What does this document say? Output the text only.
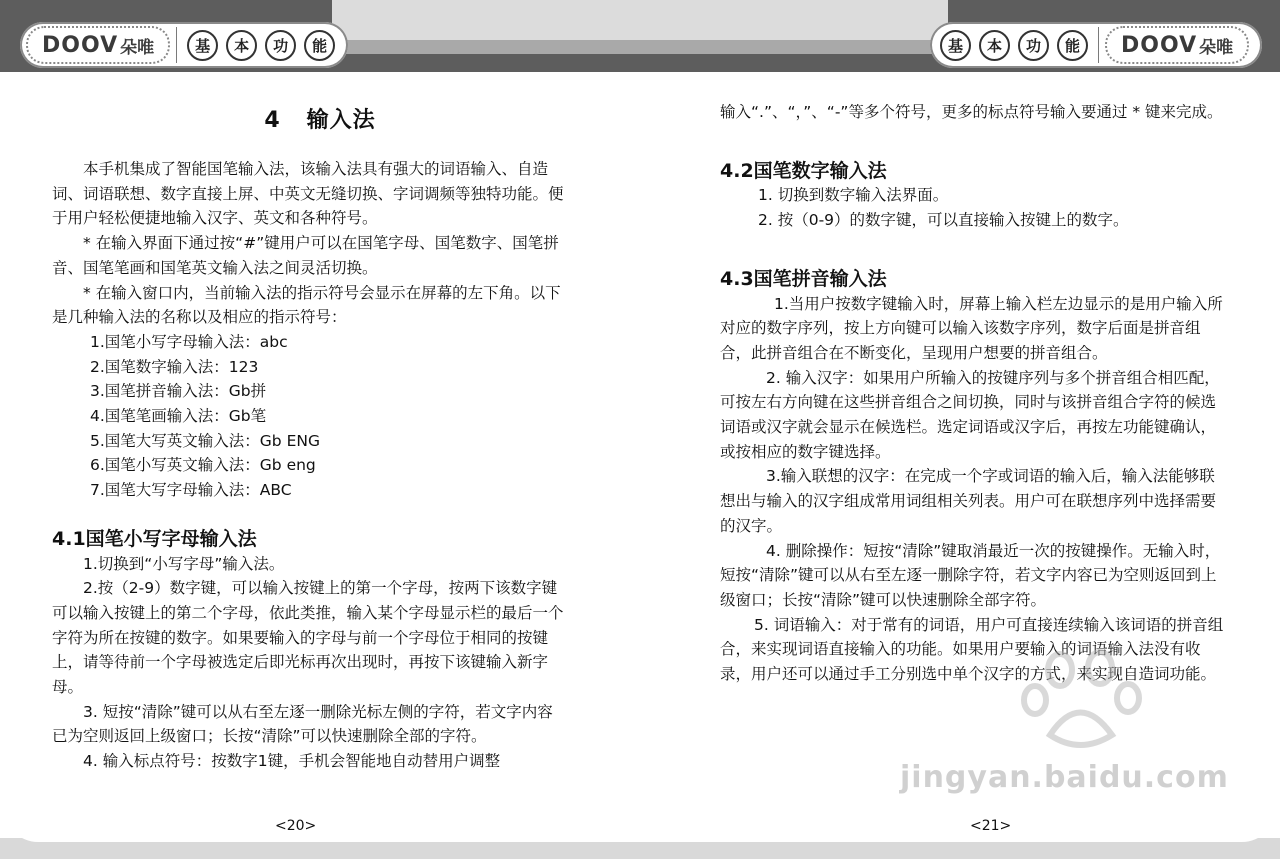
DOOV 朵唯	基	本	功	能	基	本	功	能	DOOV 朵唯
4   输入法

本手机集成了智能国笔输入法，该输入法具有强大的词语输入、自造词、词语联想、数字直接上屏、中英文无缝切换、字词调频等独特功能。便于用户轻松便捷地输入汉字、英文和各种符号。

* 在输入界面下通过按“#”键用户可以在国笔字母、国笔数字、国笔拼音、国笔笔画和国笔英文输入法之间灵活切换。

* 在输入窗口内，当前输入法的指示符号会显示在屏幕的左下角。以下是几种输入法的名称以及相应的指示符号：

1.国笔小写字母输入法：abc

2.国笔数字输入法：123

3.国笔拼音输入法：Gb拼

4.国笔笔画输入法：Gb笔

5.国笔大写英文输入法：Gb ENG

6.国笔小写英文输入法：Gb eng

7.国笔大写字母输入法：ABC

4.1国笔小写字母输入法

1.切换到“小写字母”输入法。

2.按（2-9）数字键，可以输入按键上的第一个字母，按两下该数字键可以输入按键上的第二个字母，依此类推，输入某个字母显示栏的最后一个字符为所在按键的数字。如果要输入的字母与前一个字母位于相同的按键上，请等待前一个字母被选定后即光标再次出现时，再按下该键输入新字母。

3. 短按“清除”键可以从右至左逐一删除光标左侧的字符，若文字内容已为空则返回上级窗口；长按“清除”可以快速删除全部的字符。

4. 输入标点符号：按数字1键，手机会智能地自动替用户调整

<20>

输入“.”、“，”、“-”等多个符号，更多的标点符号输入要通过 * 键来完成。

4.2国笔数字输入法

1. 切换到数字输入法界面。

2. 按（0-9）的数字键，可以直接输入按键上的数字。

4.3国笔拼音输入法

1.当用户按数字键输入时，屏幕上输入栏左边显示的是用户输入所对应的数字序列，按上方向键可以输入该数字序列，数字后面是拼音组合，此拼音组合在不断变化，呈现用户想要的拼音组合。

2. 输入汉字：如果用户所输入的按键序列与多个拼音组合相匹配，可按左右方向键在这些拼音组合之间切换，同时与该拼音组合字符的候选词语或汉字就会显示在候选栏。选定词语或汉字后，再按左功能键确认，或按相应的数字键选择。

3.输入联想的汉字：在完成一个字或词语的输入后，输入法能够联想出与输入的汉字组成常用词组相关列表。用户可在联想序列中选择需要的汉字。

4. 删除操作：短按“清除”键取消最近一次的按键操作。无输入时，短按“清除”键可以从右至左逐一删除字符，若文字内容已为空则返回到上级窗口；长按“清除”键可以快速删除全部字符。

5. 词语输入：对于常有的词语，用户可直接连续输入该词语的拼音组合，来实现词语直接输入的功能。如果用户要输入的词语输入法没有收录，用户还可以通过手工分别选中单个汉字的方式，来实现自造词功能。

<21>
jingyan.baidu.com
